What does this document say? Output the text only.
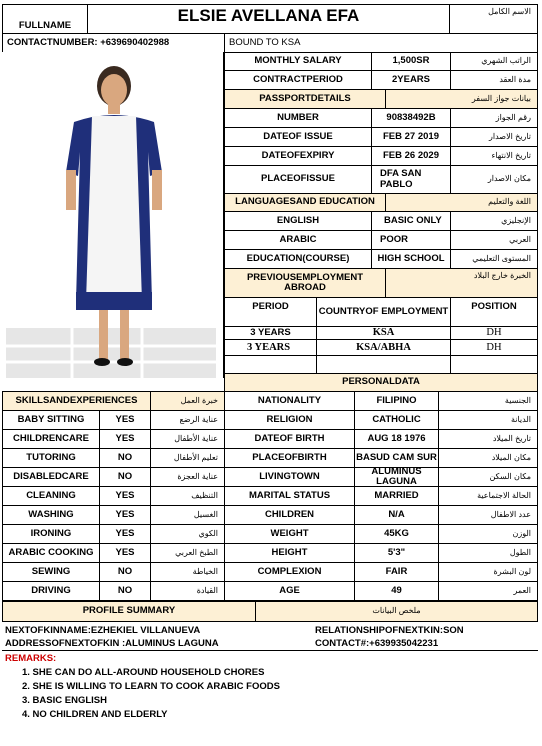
FULLNAME
ELSIE AVELLANA EFA	الاسم الكامل
CONTACTNUMBER: +639690402988	BOUND TO KSA
MONTHLY SALARY	1,500SR	الراتب الشهري
CONTRACTPERIOD	2YEARS	مدة العقد
PASSPORTDETAILS	بيانات جواز السفر
NUMBER	90838492B	رقم الجواز
DATEOF ISSUE	FEB 27 2019	تاريخ الاصدار
DATEOFEXPIRY	FEB 26 2029	تاريخ الانتهاء
PLACEOFISSUE	DFA SAN PABLO	مكان الاصدار
LANGUAGESAND EDUCATION	اللغة والتعليم
ENGLISH	BASIC ONLY	الإنجليزي
ARABIC	POOR	العربي
EDUCATION(COURSE)	HIGH SCHOOL	المستوى التعليمي
PREVIOUSEMPLOYMENT ABROAD
الخبرة خارج البلاد
PERIOD	COUNTRYOF EMPLOYMENT	POSITION
3 YEARS	KSA	DH
3 YEARS	KSA/ABHA	DH
PERSONALDATA
SKILLSANDEXPERIENCES	خبرة العمل	NATIONALITY	FILIPINO	الجنسية
RELIGION	CATHOLIC	الديانة
DATEOF BIRTH	AUG 18 1976	تاريخ الميلاد
PLACEOFBIRTH	BASUD CAM SUR	مكان الميلاد
LIVINGTOWN	ALUMINUS LAGUNA	مكان السكن
MARITAL STATUS	MARRIED	الحالة الاجتماعية
CHILDREN	N/A	عدد الاطفال
WEIGHT	45KG	الوزن
HEIGHT	5'3"	الطول
COMPLEXION	FAIR	لون البشرة
AGE	49	العمر
BABY SITTING	YES	عناية الرضع
CHILDRENCARE	YES	عناية الأطفال
TUTORING	NO	تعليم الأطفال
DISABLEDCARE	NO	عناية العجزة
CLEANING	YES	التنظيف
WASHING	YES	الغسيل
IRONING	YES	الكوي
ARABIC COOKING	YES	الطبخ العربي
SEWING	NO	الخياطة
DRIVING	NO	القيادة
PROFILE SUMMARY	ملخص البيانات
NEXTOFKINNAME:EZHEKIEL VILLANUEVA	RELATIONSHIPOFNEXTKIN:SON
ADDRESSOFNEXTOFKIN :ALUMINUS LAGUNA	CONTACT#:+639935042231
REMARKS:
1. SHE CAN DO ALL-AROUND HOUSEHOLD CHORES
2. SHE IS WILLING TO LEARN TO COOK ARABIC FOODS
3. BASIC ENGLISH
4. NO CHILDREN AND ELDERLY
